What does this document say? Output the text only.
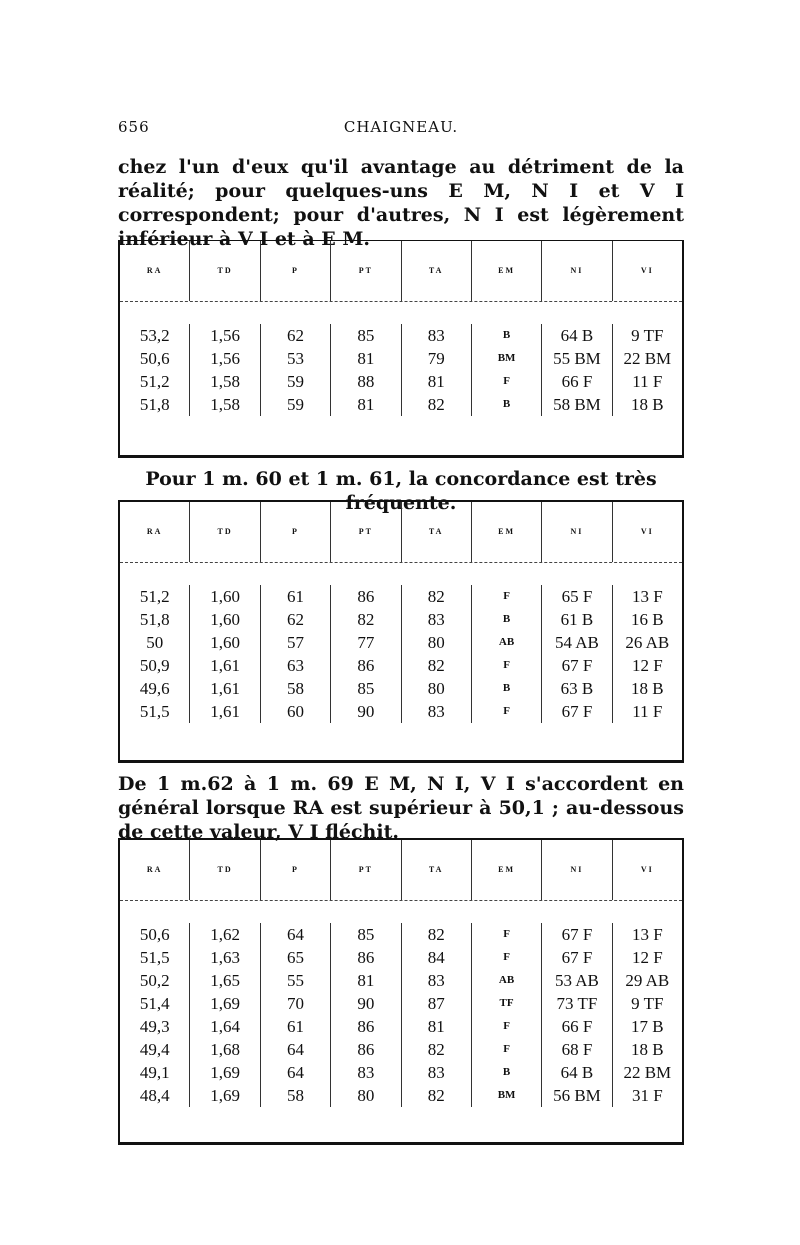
656	CHAIGNEAU.
chez l'un d'eux qu'il avantage au détriment de la réalité; pour quelques-uns E M, N I et V I correspondent; pour d'autres, N I est légèrement inférieur à V I et à E M.
RA	TD	P	PT	TA	EM	NI	VI
53,2	1,56	62	85	83	B	64 B	9 TF
50,6	1,56	53	81	79	BM	55 BM	22 BM
51,2	1,58	59	88	81	F	66 F	11 F
51,8	1,58	59	81	82	B	58 BM	18 B
Pour 1 m. 60 et 1 m. 61, la concordance est très fréquente.
RA	TD	P	PT	TA	EM	NI	VI
51,2	1,60	61	86	82	F	65 F	13 F
51,8	1,60	62	82	83	B	61 B	16 B
50	1,60	57	77	80	AB	54 AB	26 AB
50,9	1,61	63	86	82	F	67 F	12 F
49,6	1,61	58	85	80	B	63 B	18 B
51,5	1,61	60	90	83	F	67 F	11 F
De 1 m.62 à 1 m. 69 E M, N I, V I s'accordent en général lorsque RA est supérieur à 50,1 ; au-dessous de cette valeur, V I fléchit.
RA	TD	P	PT	TA	EM	NI	VI
50,6	1,62	64	85	82	F	67 F	13 F
51,5	1,63	65	86	84	F	67 F	12 F
50,2	1,65	55	81	83	AB	53 AB	29 AB
51,4	1,69	70	90	87	TF	73 TF	9 TF
49,3	1,64	61	86	81	F	66 F	17 B
49,4	1,68	64	86	82	F	68 F	18 B
49,1	1,69	64	83	83	B	64 B	22 BM
48,4	1,69	58	80	82	BM	56 BM	31 F
